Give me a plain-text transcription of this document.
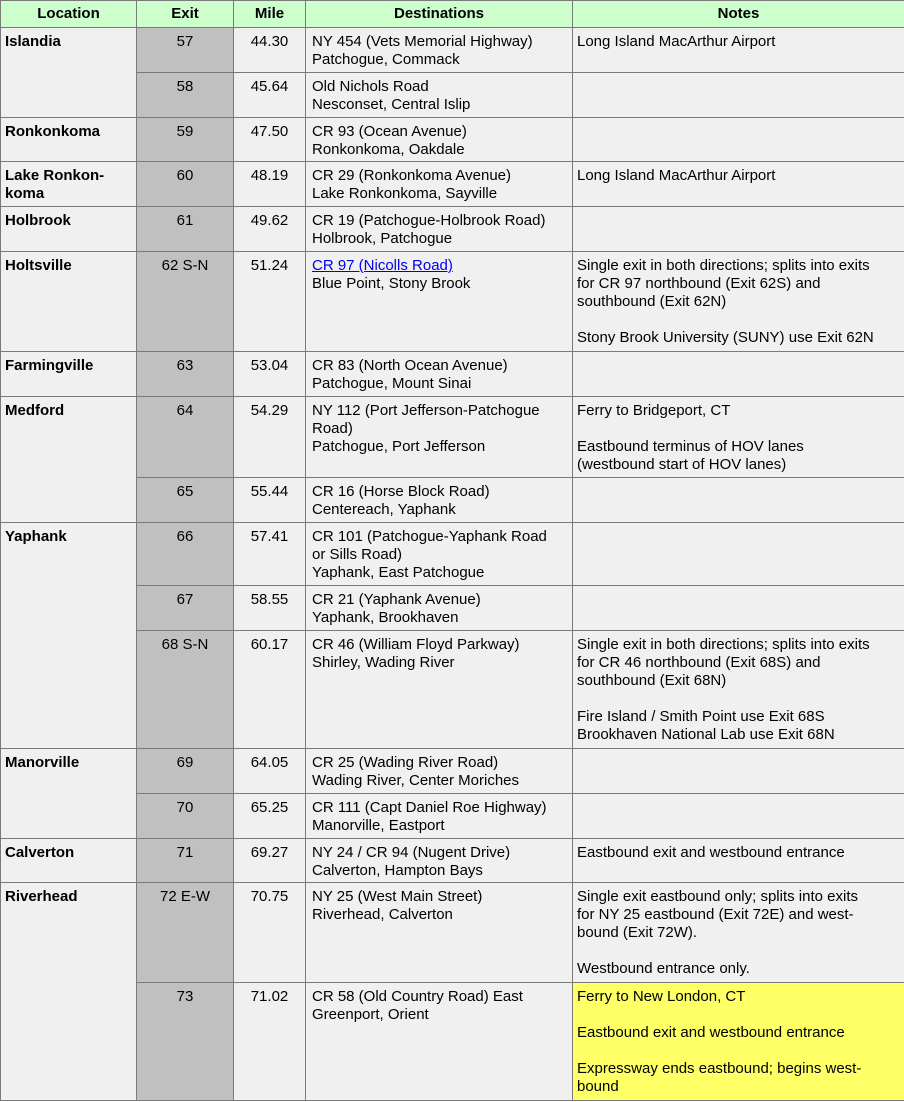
Location	Exit	Mile	Destinations	Notes
Islandia	57	44.30	NY 454 (Vets Memorial Highway)
Patchogue, Commack	Long Island MacArthur Airport

	58	45.64	Old Nichols Road
Nesconset, Central Islip	

Ronkonkoma	59	47.50	CR 93 (Ocean Avenue)
Ronkonkoma, Oakdale	

Lake Ronkon-
koma	60	48.19	CR 29 (Ronkonkoma Avenue)
Lake Ronkonkoma, Sayville	Long Island MacArthur Airport

Holbrook	61	49.62	CR 19 (Patchogue-Holbrook Road)
Holbrook, Patchogue	

Holtsville	62 S-N	51.24	CR 97 (Nicolls Road)
Blue Point, Stony Brook	Single exit in both directions; splits into exits
for CR 97 northbound (Exit 62S) and
southbound (Exit 62N)
Stony Brook University (SUNY) use Exit 62N

Farmingville	63	53.04	CR 83 (North Ocean Avenue)
Patchogue, Mount Sinai	

Medford	64	54.29	NY 112 (Port Jefferson-Patchogue
Road)
Patchogue, Port Jefferson	Ferry to Bridgeport, CT
Eastbound terminus of HOV lanes
(westbound start of HOV lanes)

	65	55.44	CR 16 (Horse Block Road)
Centereach, Yaphank	

Yaphank	66	57.41	CR 101 (Patchogue-Yaphank Road
or Sills Road)
Yaphank, East Patchogue	

	67	58.55	CR 21 (Yaphank Avenue)
Yaphank, Brookhaven	

	68 S-N	60.17	CR 46 (William Floyd Parkway)
Shirley, Wading River	Single exit in both directions; splits into exits
for CR 46 northbound (Exit 68S) and
southbound (Exit 68N)
Fire Island / Smith Point use Exit 68S
Brookhaven National Lab use Exit 68N

Manorville	69	64.05	CR 25 (Wading River Road)
Wading River, Center Moriches	

	70	65.25	CR 111 (Capt Daniel Roe Highway)
Manorville, Eastport	

Calverton	71	69.27	NY 24 / CR 94 (Nugent Drive)
Calverton, Hampton Bays	Eastbound exit and westbound entrance

Riverhead	72 E-W	70.75	NY 25 (West Main Street)
Riverhead, Calverton	Single exit eastbound only; splits into exits
for NY 25 eastbound (Exit 72E) and west-
bound (Exit 72W).
Westbound entrance only.

	73	71.02	CR 58 (Old Country Road) East
Greenport, Orient	Ferry to New London, CT
Eastbound exit and westbound entrance
Expressway ends eastbound; begins west-
bound
